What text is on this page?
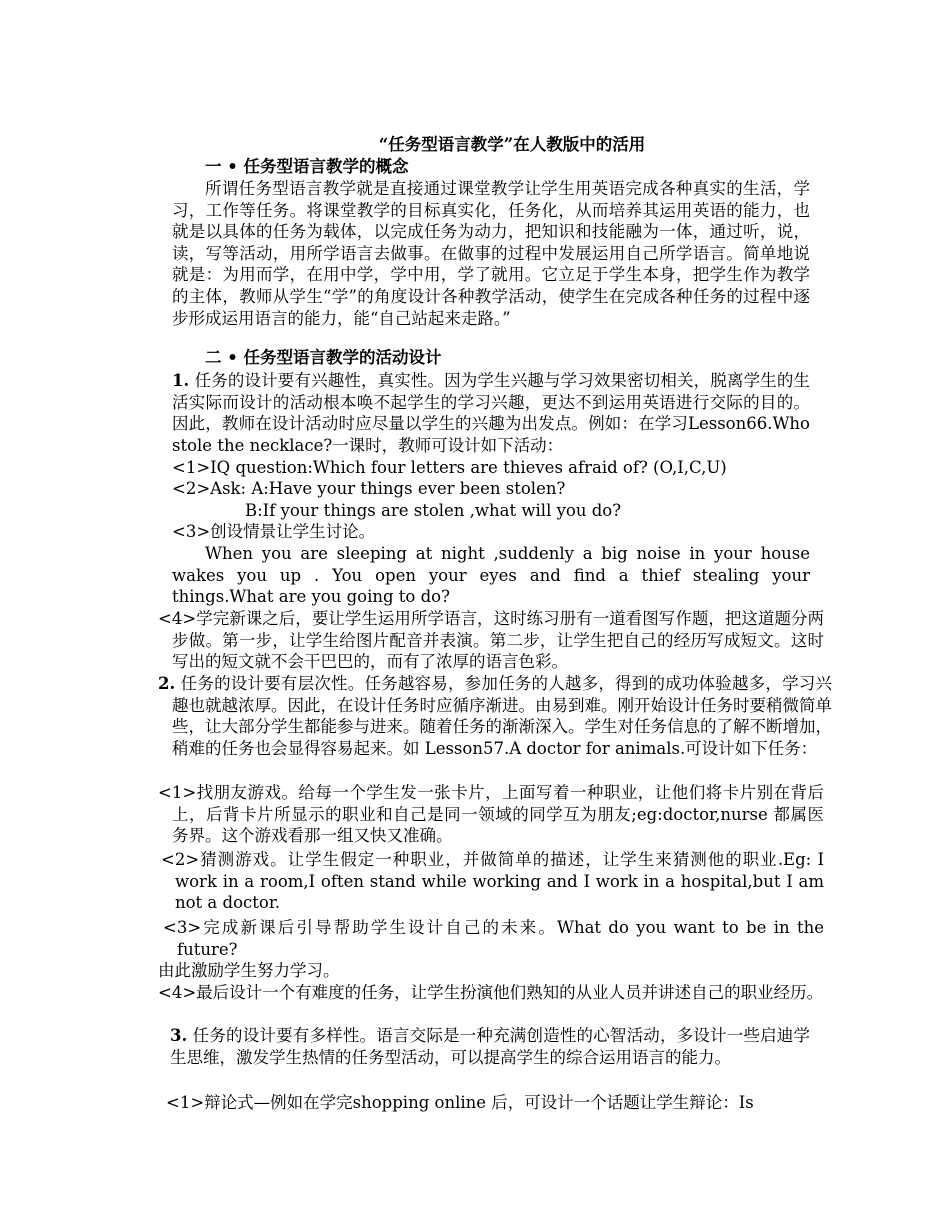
“任务型语言教学”在人教版中的活用
一 • 任务型语言教学的概念
所谓任务型语言教学就是直接通过课堂教学让学生用英语完成各种真实的生活，学习，工作等任务。将课堂教学的目标真实化，任务化，从而培养其运用英语的能力，也就是以具体的任务为载体，以完成任务为动力，把知识和技能融为一体，通过听，说，读，写等活动，用所学语言去做事。在做事的过程中发展运用自己所学语言。简单地说就是：为用而学，在用中学，学中用，学了就用。它立足于学生本身，把学生作为教学的主体，教师从学生“学”的角度设计各种教学活动，使学生在完成各种任务的过程中逐步形成运用语言的能力，能“自己站起来走路。”
二 • 任务型语言教学的活动设计
1. 任务的设计要有兴趣性，真实性。因为学生兴趣与学习效果密切相关，脱离学生的生活实际而设计的活动根本唤不起学生的学习兴趣，更达不到运用英语进行交际的目的。因此，教师在设计活动时应尽量以学生的兴趣为出发点。例如：在学习Lesson66.Who stole the necklace?一课时，教师可设计如下活动：
<1>IQ question:Which four letters are thieves afraid of? (O,I,C,U)
<2>Ask: A:Have your things ever been stolen?
B:If your things are stolen ,what will you do?
<3>创设情景让学生讨论。
When you are sleeping at night ,suddenly a big noise in your house wakes you up . You open your eyes and find a thief stealing your things.What are you going to do?
<4>学完新课之后，要让学生运用所学语言，这时练习册有一道看图写作题，把这道题分两步做。第一步，让学生给图片配音并表演。第二步，让学生把自己的经历写成短文。这时写出的短文就不会干巴巴的，而有了浓厚的语言色彩。
2. 任务的设计要有层次性。任务越容易，参加任务的人越多，得到的成功体验越多，学习兴趣也就越浓厚。因此，在设计任务时应循序渐进。由易到难。刚开始设计任务时要稍微简单些，让大部分学生都能参与进来。随着任务的渐渐深入。学生对任务信息的了解不断增加，稍难的任务也会显得容易起来。如 Lesson57.A doctor for animals.可设计如下任务：
<1>找朋友游戏。给每一个学生发一张卡片，上面写着一种职业，让他们将卡片别在背后上，后背卡片所显示的职业和自己是同一领域的同学互为朋友;eg:doctor,nurse 都属医务界。这个游戏看那一组又快又准确。
<2>猜测游戏。让学生假定一种职业，并做简单的描述，让学生来猜测他的职业.Eg: I work in a room,I often stand while working and I work in a hospital,but I am not a doctor.
<3>完成新课后引导帮助学生设计自己的未来。What do you want to be in the future?
由此激励学生努力学习。
<4>最后设计一个有难度的任务，让学生扮演他们熟知的从业人员并讲述自己的职业经历。
3. 任务的设计要有多样性。语言交际是一种充满创造性的心智活动，多设计一些启迪学生思维，激发学生热情的任务型活动，可以提高学生的综合运用语言的能力。
<1>辩论式—例如在学完shopping online 后，可设计一个话题让学生辩论：Is
